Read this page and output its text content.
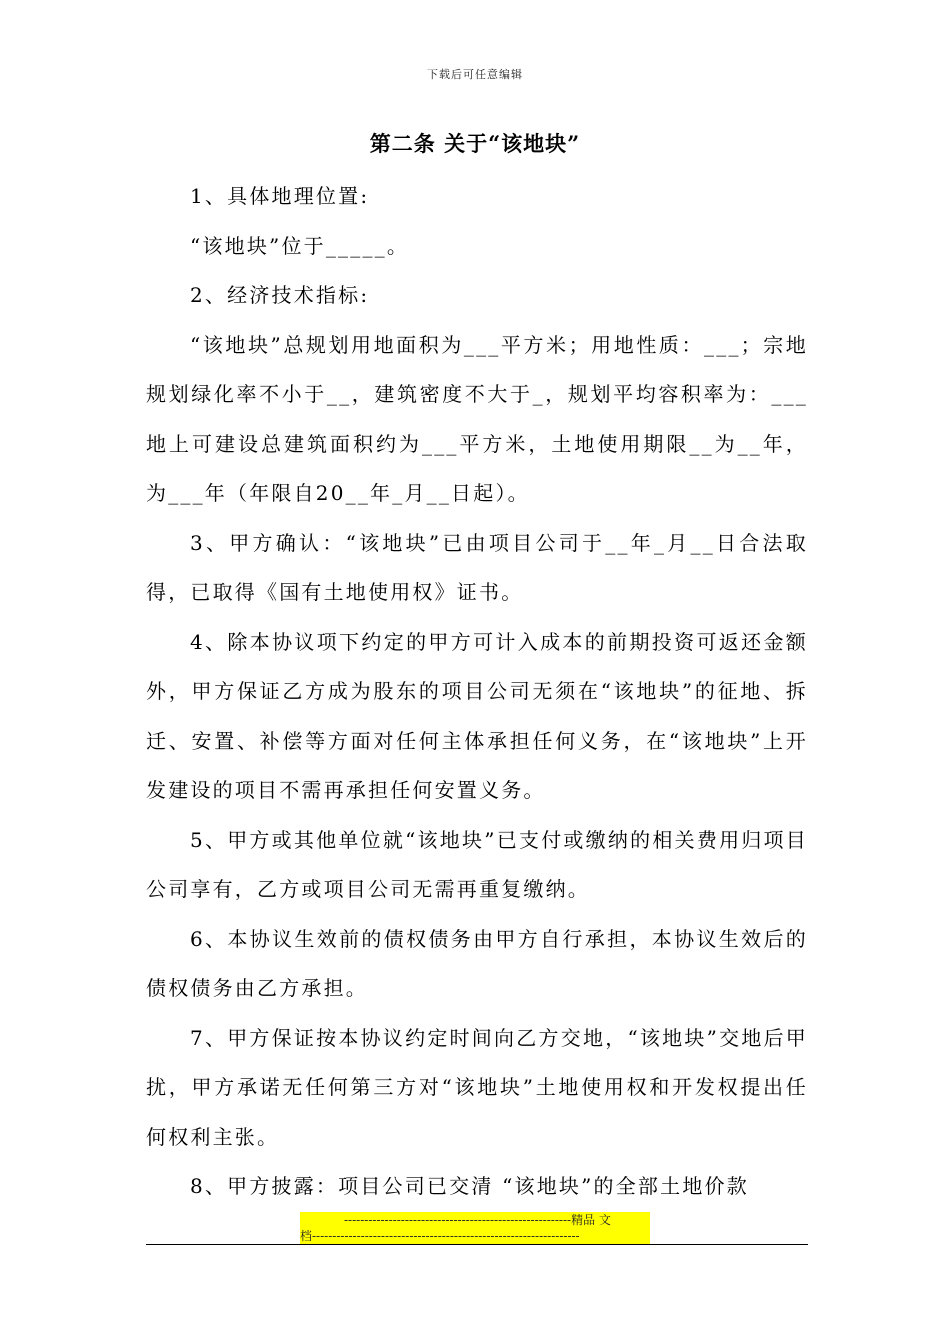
下载后可任意编辑
第二条 关于“该地块”

1、具体地理位置:

“该地块”位于_____。

2、经济技术指标:

“该地块”总规划用地面积为___平方米；用地性质：___；宗地规划绿化率不小于__，建筑密度不大于_，规划平均容积率为：___地上可建设总建筑面积约为___平方米，土地使用期限__为__年，为___年（年限自20__年_月__日起）。

3、甲方确认：“该地块”已由项目公司于__年_月__日合法取得，已取得《国有土地使用权》证书。

4、除本协议项下约定的甲方可计入成本的前期投资可返还金额外，甲方保证乙方成为股东的项目公司无须在“该地块”的征地、拆迁、安置、补偿等方面对任何主体承担任何义务，在“该地块”上开发建设的项目不需再承担任何安置义务。

5、甲方或其他单位就“该地块”已支付或缴纳的相关费用归项目公司享有，乙方或项目公司无需再重复缴纳。

6、本协议生效前的债权债务由甲方自行承担，本协议生效后的债权债务由乙方承担。

7、甲方保证按本协议约定时间向乙方交地，“该地块”交地后甲 扰，甲方承诺无任何第三方对“该地块”土地使用权和开发权提出任何权利主张。

8、甲方披露：项目公司已交清 “该地块”的全部土地价款

--------------------------------------------------------精品 文
档------------------------------------------------------------------
